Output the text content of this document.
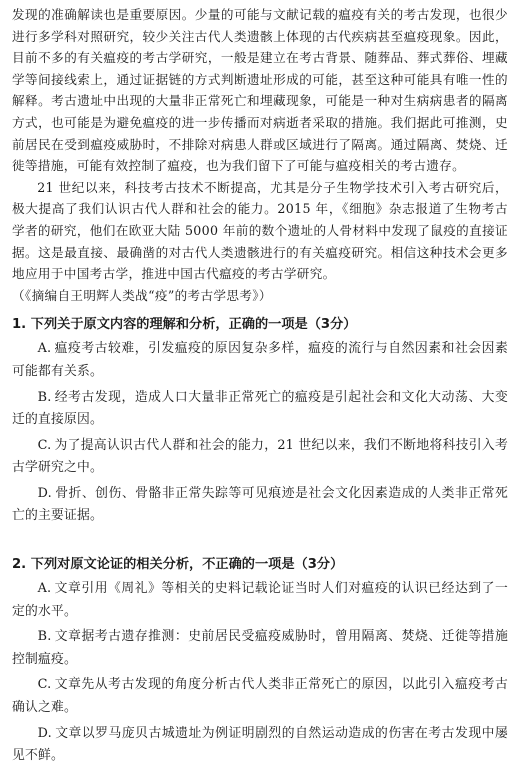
发现的准确解读也是重要原因。少量的可能与文献记载的瘟疫有关的考古发现，也很少进行多学科对照研究，较少关注古代人类遗骸上体现的古代疾病甚至瘟疫现象。因此，目前不多的有关瘟疫的考古学研究，一般是建立在考古背景、随葬品、葬式葬俗、埋藏学等间接线索上，通过证据链的方式判断遗址形成的可能，甚至这种可能具有唯一性的解释。考古遗址中出现的大量非正常死亡和埋藏现象，可能是一种对生病病患者的隔离方式，也可能是为避免瘟疫的进一步传播而对病逝者采取的措施。我们据此可推测，史前居民在受到瘟疫威胁时，不排除对病患人群或区域进行了隔离。通过隔离、焚烧、迁徙等措施，可能有效控制了瘟疫，也为我们留下了可能与瘟疫相关的考古遗存。

21 世纪以来，科技考古技术不断提高，尤其是分子生物学技术引入考古研究后，极大提高了我们认识古代人群和社会的能力。2015 年，《细胞》杂志报道了生物考古学者的研究，他们在欧亚大陆 5000 年前的数个遗址的人骨材料中发现了鼠疫的直接证据。这是最直接、最确凿的对古代人类遗骸进行的有关瘟疫研究。相信这种技术会更多地应用于中国考古学，推进中国古代瘟疫的考古学研究。

（《摘编自王明辉人类战“疫”的考古学思考》）

1. 下列关于原文内容的理解和分析，正确的一项是（3分）

A. 瘟疫考古较难，引发瘟疫的原因复杂多样，瘟疫的流行与自然因素和社会因素可能都有关系。

B. 经考古发现，造成人口大量非正常死亡的瘟疫是引起社会和文化大动荡、大变迁的直接原因。

C. 为了提高认识古代人群和社会的能力，21 世纪以来，我们不断地将科技引入考古学研究之中。

D. 骨折、创伤、骨骼非正常失踪等可见痕迹是社会文化因素造成的人类非正常死亡的主要证据。

2. 下列对原文论证的相关分析，不正确的一项是（3分）

A. 文章引用《周礼》等相关的史料记载论证当时人们对瘟疫的认识已经达到了一定的水平。

B. 文章据考古遗存推测：史前居民受瘟疫威胁时，曾用隔离、焚烧、迁徙等措施控制瘟疫。

C. 文章先从考古发现的角度分析古代人类非正常死亡的原因，以此引入瘟疫考古确认之难。

D. 文章以罗马庞贝古城遗址为例证明剧烈的自然运动造成的伤害在考古发现中屡见不鲜。
